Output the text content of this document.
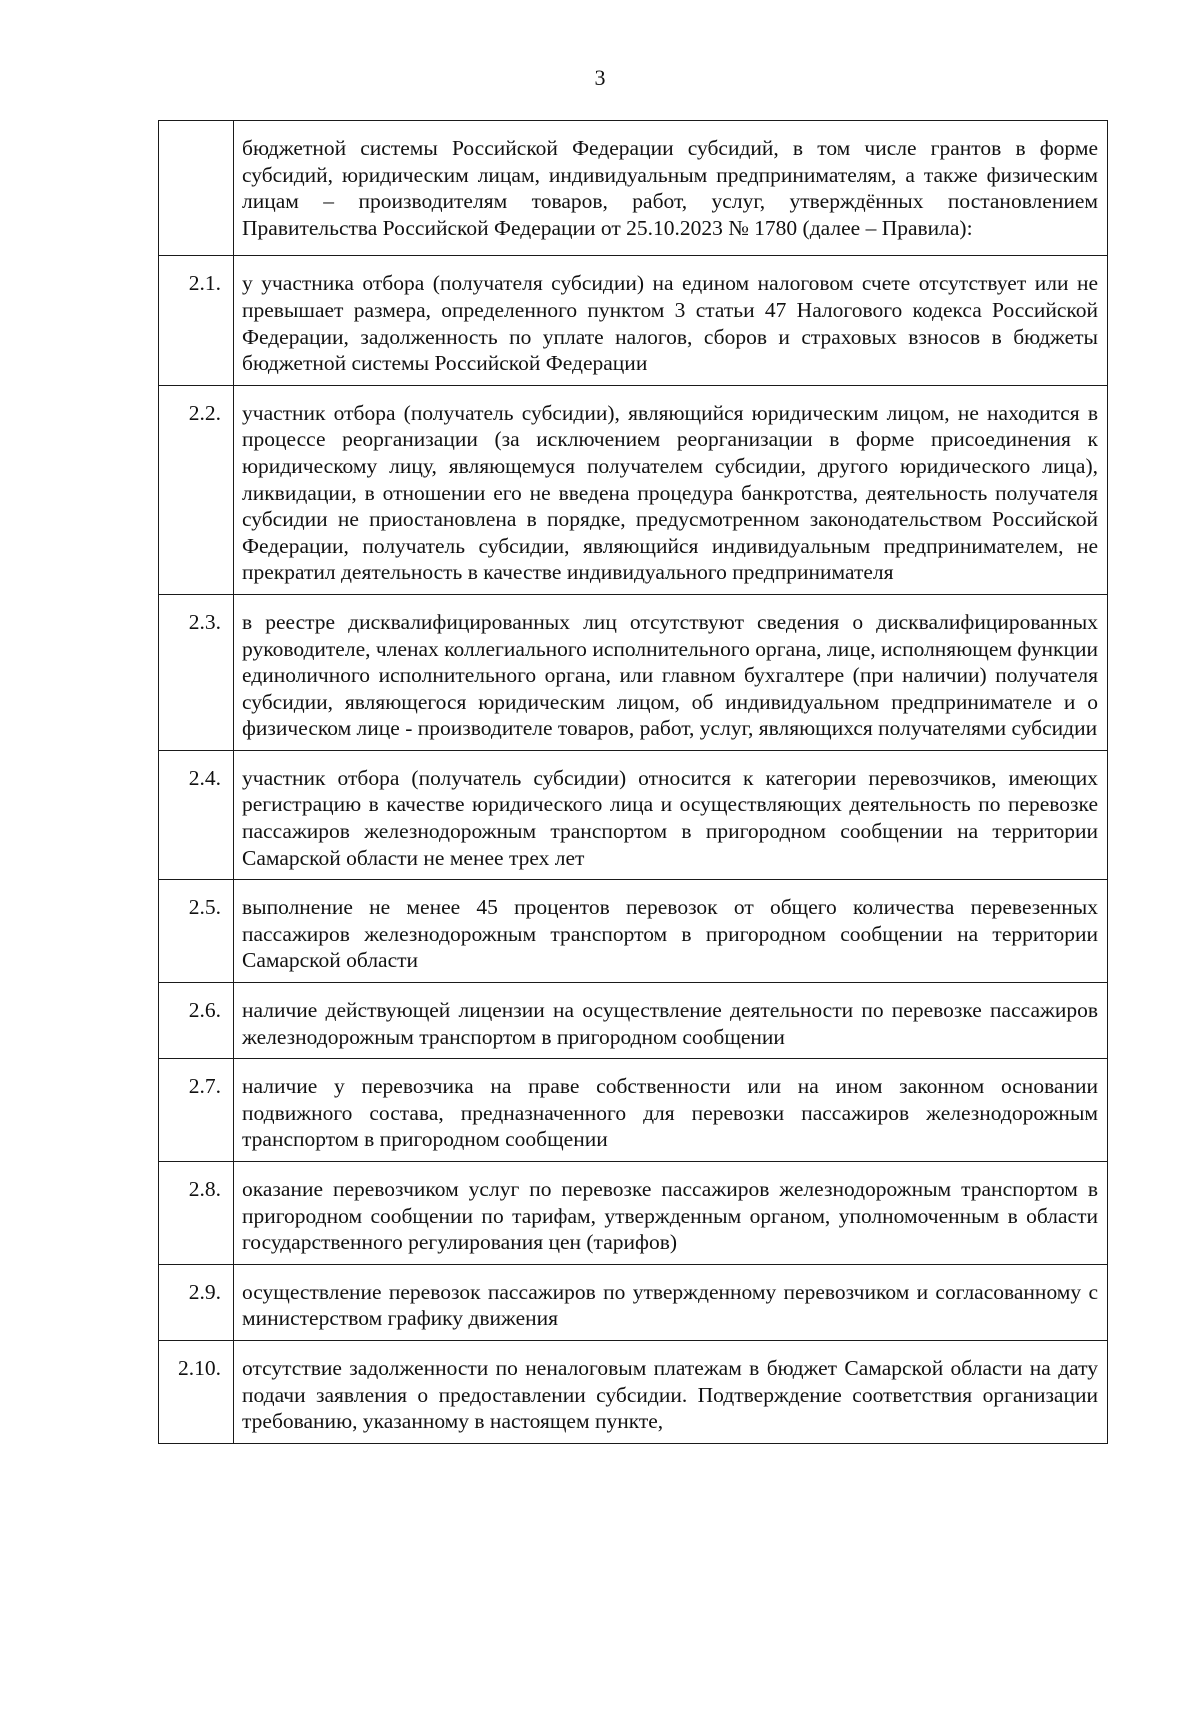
3
	бюджетной системы Российской Федерации субсидий, в том числе грантов в форме субсидий, юридическим лицам, индивидуальным предпринимателям, а также физическим лицам – производителям товаров, работ, услуг, утверждённых постановлением Правительства Российской Федерации от 25.10.2023 № 1780 (далее – Правила):
2.1.	у участника отбора (получателя субсидии) на едином налоговом счете отсутствует или не превышает размера, определенного пунктом 3 статьи 47 Налогового кодекса Российской Федерации, задолженность по уплате налогов, сборов и страховых взносов в бюджеты бюджетной системы Российской Федерации
2.2.	участник отбора (получатель субсидии), являющийся юридическим лицом, не находится в процессе реорганизации (за исключением реорганизации в форме присоединения к юридическому лицу, являющемуся получателем субсидии, другого юридического лица), ликвидации, в отношении его не введена процедура банкротства, деятельность получателя субсидии не приостановлена в порядке, предусмотренном законодательством Российской Федерации, получатель субсидии, являющийся индивидуальным предпринимателем, не прекратил деятельность в качестве индивидуального предпринимателя
2.3.	в реестре дисквалифицированных лиц отсутствуют сведения о дисквалифицированных руководителе, членах коллегиального исполнительного органа, лице, исполняющем функции единоличного исполнительного органа, или главном бухгалтере (при наличии) получателя субсидии, являющегося юридическим лицом, об индивидуальном предпринимателе и о физическом лице - производителе товаров, работ, услуг, являющихся получателями субсидии
2.4.	участник отбора (получатель субсидии) относится к категории перевозчиков, имеющих регистрацию в качестве юридического лица и осуществляющих деятельность по перевозке пассажиров железнодорожным транспортом в пригородном сообщении на территории Самарской области не менее трех лет
2.5.	выполнение не менее 45 процентов перевозок от общего количества перевезенных пассажиров железнодорожным транспортом в пригородном сообщении на территории Самарской области
2.6.	наличие действующей лицензии на осуществление деятельности по перевозке пассажиров железнодорожным транспортом в пригородном сообщении
2.7.	наличие у перевозчика на праве собственности или на ином законном основании подвижного состава, предназначенного для перевозки пассажиров железнодорожным транспортом в пригородном сообщении
2.8.	оказание перевозчиком услуг по перевозке пассажиров железнодорожным транспортом в пригородном сообщении по тарифам, утвержденным органом, уполномоченным в области государственного регулирования цен (тарифов)
2.9.	осуществление перевозок пассажиров по утвержденному перевозчиком и согласованному с министерством графику движения
2.10.	отсутствие задолженности по неналоговым платежам в бюджет Самарской области на дату подачи заявления о предоставлении субсидии. Подтверждение соответствия организации требованию, указанному в настоящем пункте,
